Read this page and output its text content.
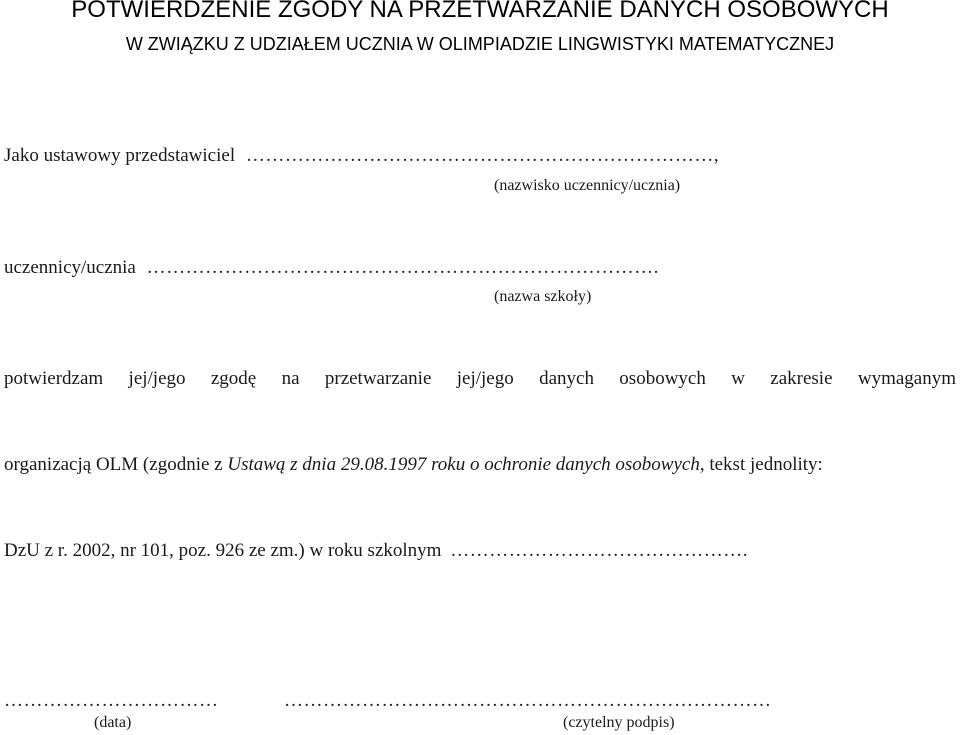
POTWIERDZENIE ZGODY NA PRZETWARZANIE DANYCH OSOBOWYCH
W ZWIĄZKU Z UDZIAŁEM UCZNIA W OLIMPIADZIE LINGWISTYKI MATEMATYCZNEJ
Jako ustawowy przedstawiciel ………………………………………………………………,
(nazwisko uczennicy/ucznia)
uczennicy/ucznia …………………………………………………………………….
(nazwa szkoły)
potwierdzam jej/jego zgodę na przetwarzanie jej/jego danych osobowych w zakresie wymaganym
organizacją OLM (zgodnie z Ustawą z dnia 29.08.1997 roku o ochronie danych osobowych, tekst jednolity:
DzU z r. 2002, nr 101, poz. 926 ze zm.) w roku szkolnym ……………………………………….
……………………………
(data)
…………………………………………………………………
(czytelny podpis)
